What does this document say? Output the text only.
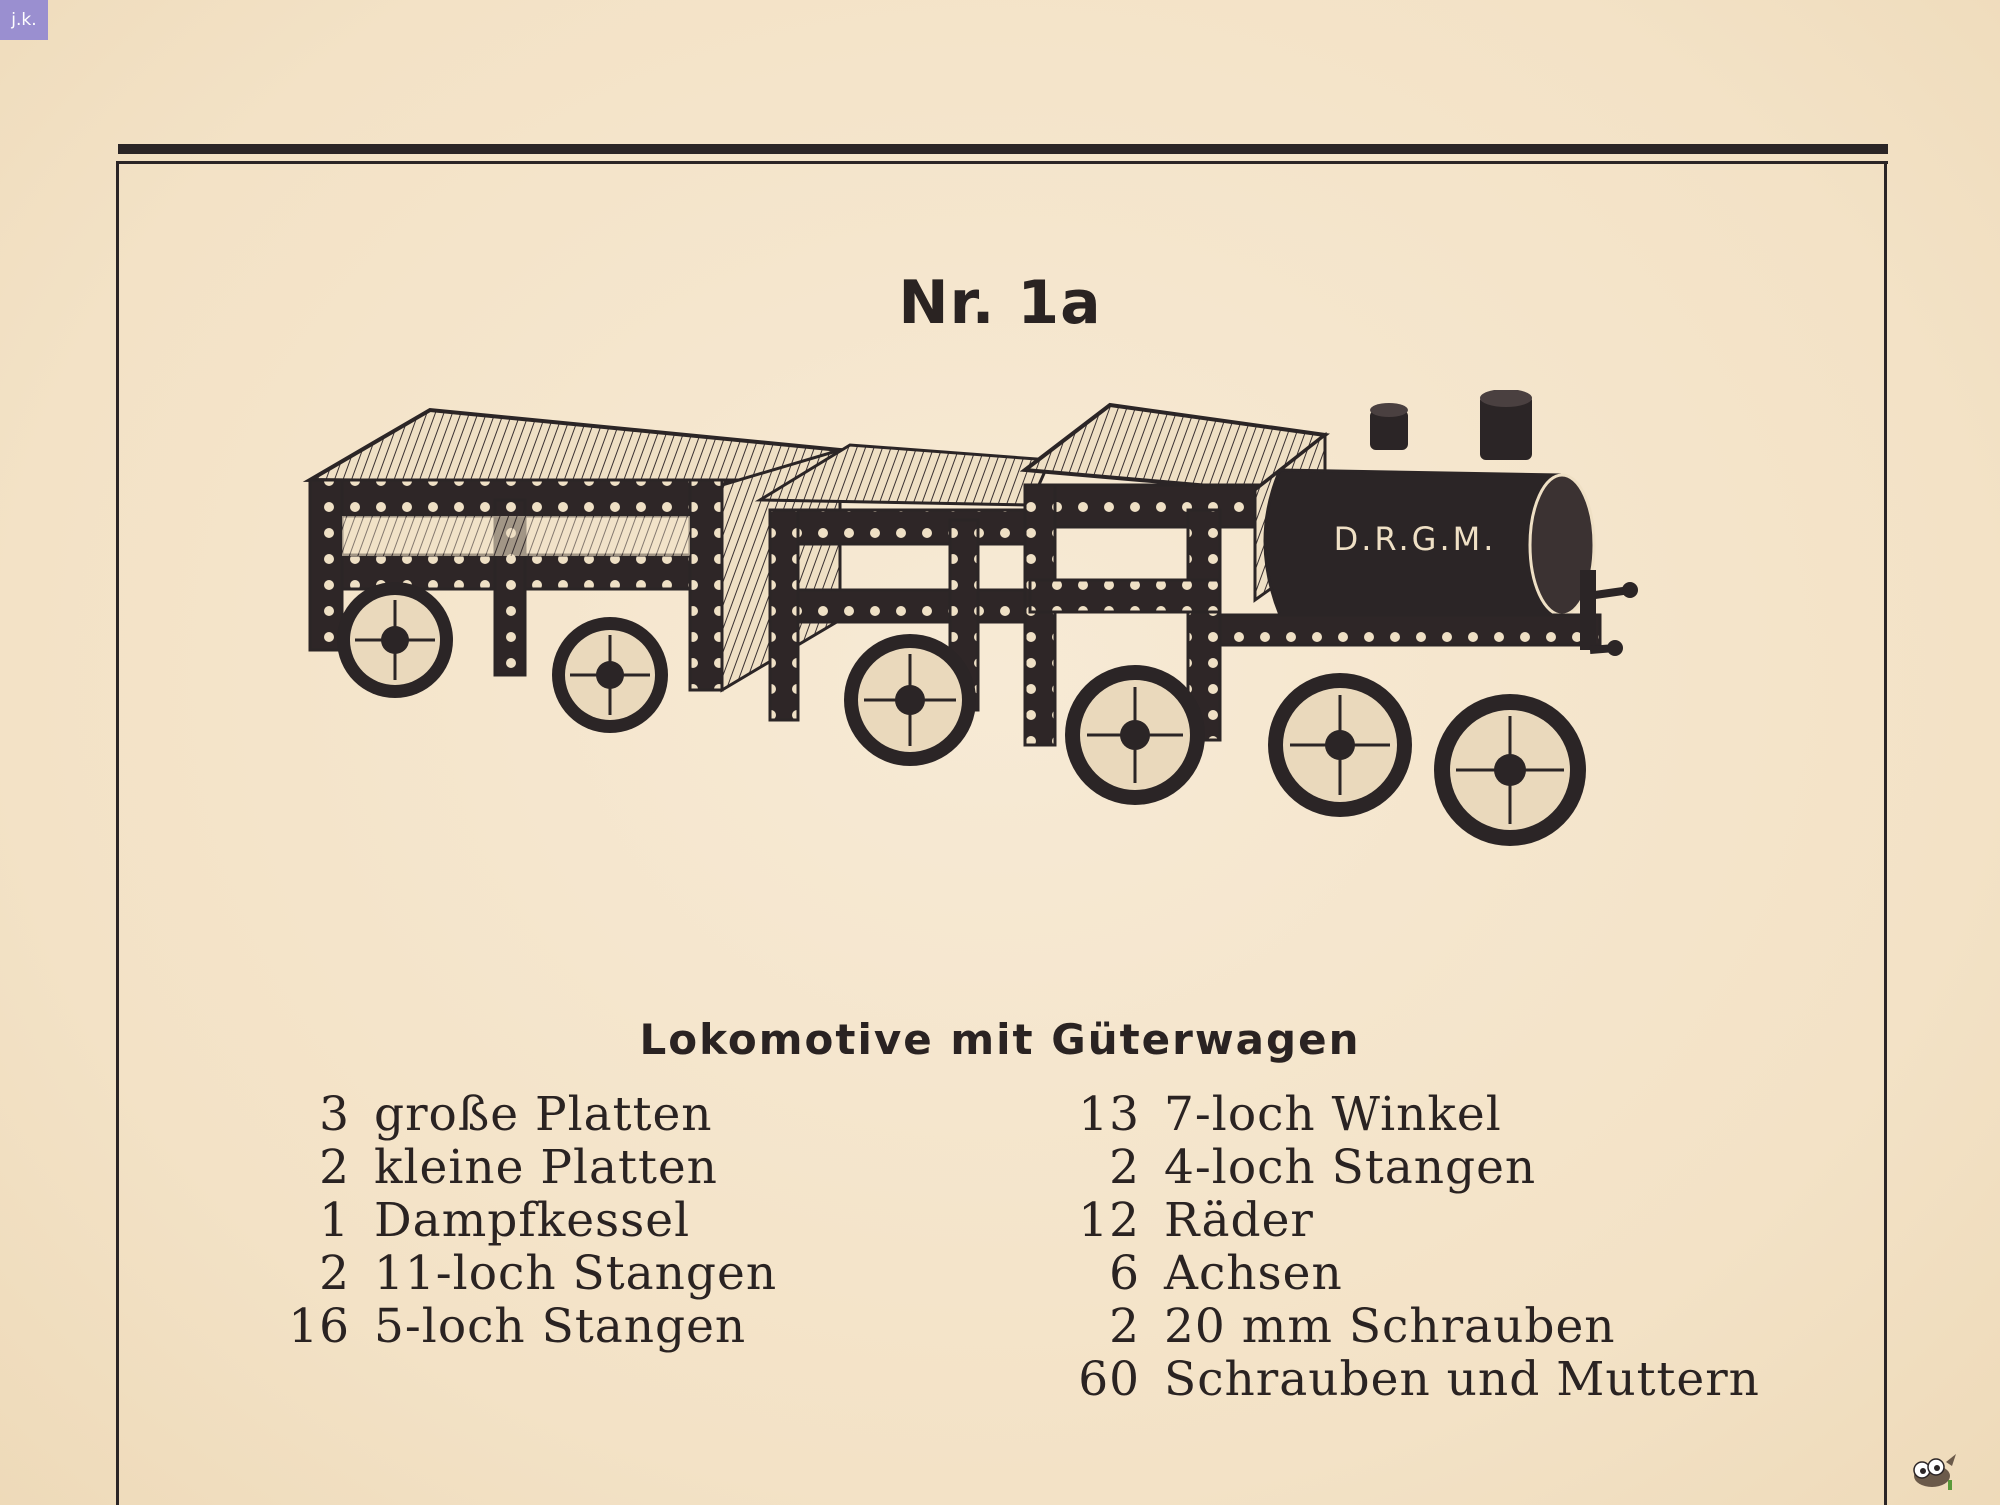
j.k.
Nr. 1a
D.R.G.M.
Lokomotive mit Güterwagen
3 große Platten
2 kleine Platten
1 Dampfkessel
2 11-loch Stangen
16 5-loch Stangen
13 7-loch Winkel
2 4-loch Stangen
12 Räder
6 Achsen
2 20 mm Schrauben
60 Schrauben und Muttern
